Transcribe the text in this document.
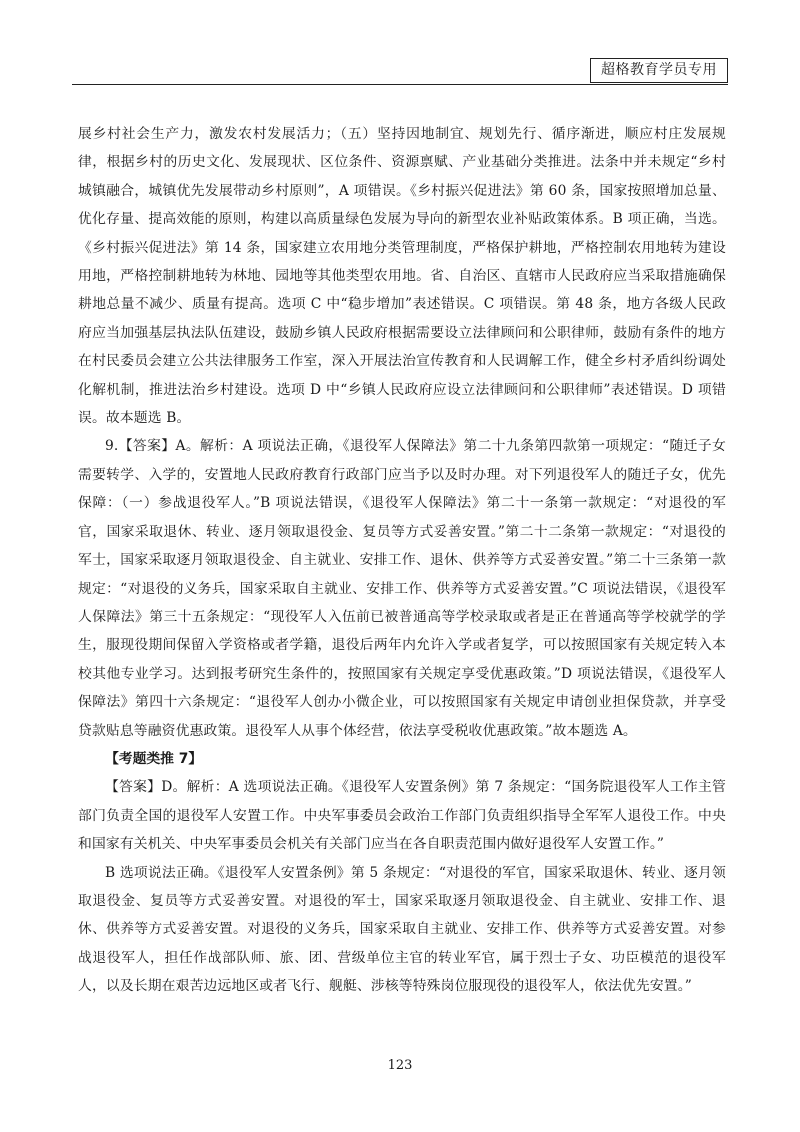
超格教育学员专用

展乡村社会生产力，激发农村发展活力；（五）坚持因地制宜、规划先行、循序渐进，顺应村庄发展规律，根据乡村的历史文化、发展现状、区位条件、资源禀赋、产业基础分类推进。法条中并未规定“乡村城镇融合，城镇优先发展带动乡村原则”，A 项错误。《乡村振兴促进法》第 60 条，国家按照增加总量、优化存量、提高效能的原则，构建以高质量绿色发展为导向的新型农业补贴政策体系。B 项正确，当选。《乡村振兴促进法》第 14 条，国家建立农用地分类管理制度，严格保护耕地，严格控制农用地转为建设用地，严格控制耕地转为林地、园地等其他类型农用地。省、自治区、直辖市人民政府应当采取措施确保耕地总量不减少、质量有提高。选项 C 中“稳步增加”表述错误。C 项错误。第 48 条，地方各级人民政府应当加强基层执法队伍建设，鼓励乡镇人民政府根据需要设立法律顾问和公职律师，鼓励有条件的地方在村民委员会建立公共法律服务工作室，深入开展法治宣传教育和人民调解工作，健全乡村矛盾纠纷调处化解机制，推进法治乡村建设。选项 D 中“乡镇人民政府应设立法律顾问和公职律师”表述错误。D 项错误。故本题选 B。

9.【答案】A。解析：A 项说法正确，《退役军人保障法》第二十九条第四款第一项规定：“随迁子女需要转学、入学的，安置地人民政府教育行政部门应当予以及时办理。对下列退役军人的随迁子女，优先保障：（一）参战退役军人。”B 项说法错误，《退役军人保障法》第二十一条第一款规定：“对退役的军官，国家采取退休、转业、逐月领取退役金、复员等方式妥善安置。”第二十二条第一款规定：“对退役的军士，国家采取逐月领取退役金、自主就业、安排工作、退休、供养等方式妥善安置。”第二十三条第一款规定：“对退役的义务兵，国家采取自主就业、安排工作、供养等方式妥善安置。”C 项说法错误，《退役军人保障法》第三十五条规定：“现役军人入伍前已被普通高等学校录取或者是正在普通高等学校就学的学生，服现役期间保留入学资格或者学籍，退役后两年内允许入学或者复学，可以按照国家有关规定转入本校其他专业学习。达到报考研究生条件的，按照国家有关规定享受优惠政策。”D 项说法错误，《退役军人保障法》第四十六条规定：“退役军人创办小微企业，可以按照国家有关规定申请创业担保贷款，并享受贷款贴息等融资优惠政策。退役军人从事个体经营，依法享受税收优惠政策。”故本题选 A。

【考题类推 7】

【答案】D。解析：A 选项说法正确。《退役军人安置条例》第 7 条规定：“国务院退役军人工作主管部门负责全国的退役军人安置工作。中央军事委员会政治工作部门负责组织指导全军军人退役工作。中央和国家有关机关、中央军事委员会机关有关部门应当在各自职责范围内做好退役军人安置工作。”

B 选项说法正确。《退役军人安置条例》第 5 条规定：“对退役的军官，国家采取退休、转业、逐月领取退役金、复员等方式妥善安置。对退役的军士，国家采取逐月领取退役金、自主就业、安排工作、退休、供养等方式妥善安置。对退役的义务兵，国家采取自主就业、安排工作、供养等方式妥善安置。对参战退役军人，担任作战部队师、旅、团、营级单位主官的转业军官，属于烈士子女、功臣模范的退役军人，以及长期在艰苦边远地区或者飞行、舰艇、涉核等特殊岗位服现役的退役军人，依法优先安置。”

123
